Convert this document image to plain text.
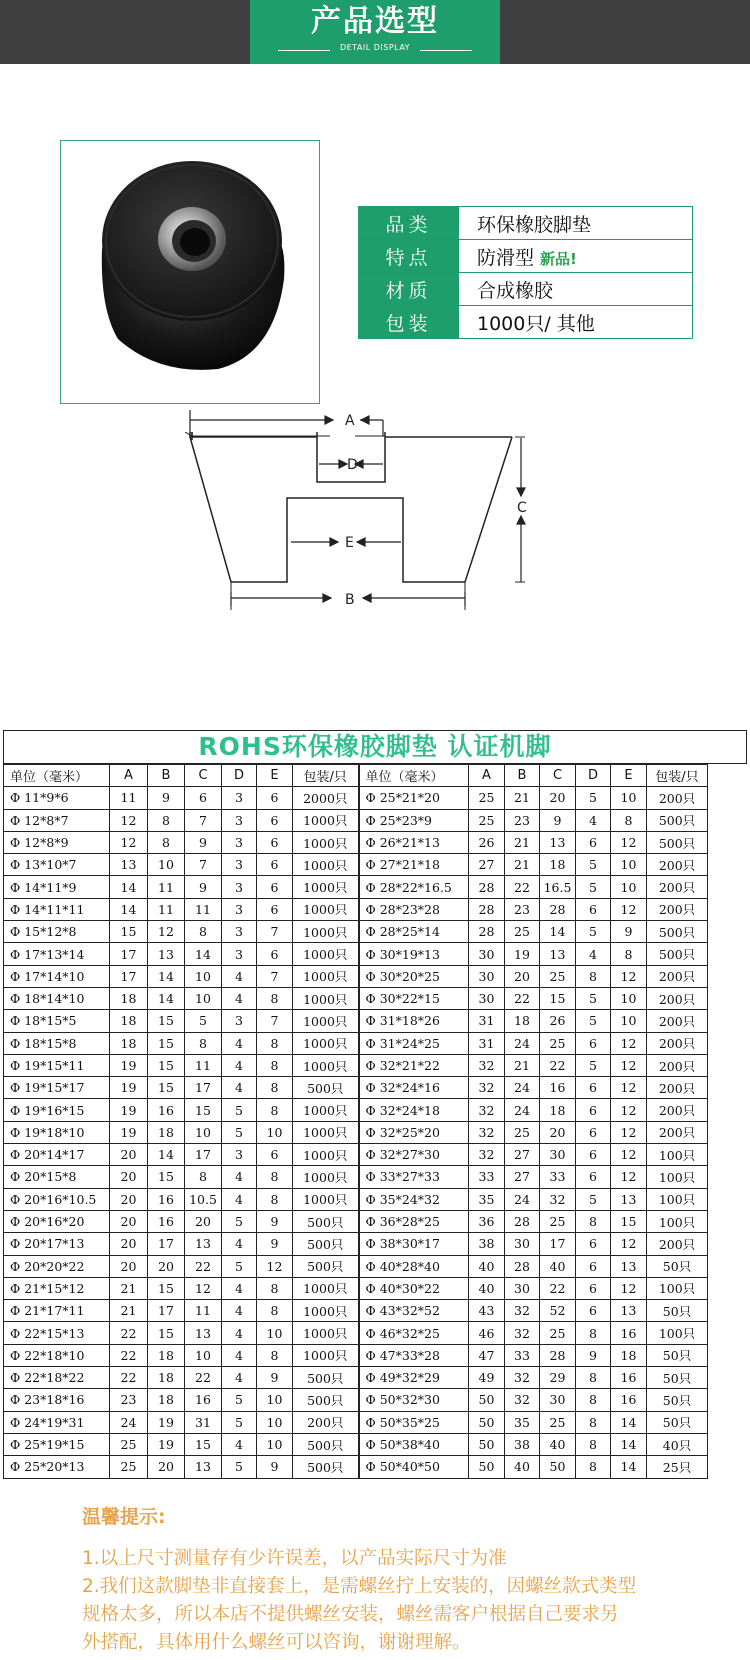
产品选型
DETAIL DISPLAY
品类	环保橡胶脚垫
特点	防滑型 新品!
材质	合成橡胶
包装	1000只/ 其他
A
D
C
E
B
ROHS环保橡胶脚垫 认证机脚
单位（毫米）	A	B	C	D	E	包装/只	单位（毫米）	A	B	C	D	E	包装/只
Φ 11*9*6	11	9	6	3	6	2000只	Φ 25*21*20	25	21	20	5	10	200只
Φ 12*8*7	12	8	7	3	6	1000只	Φ 25*23*9	25	23	9	4	8	500只
Φ 12*8*9	12	8	9	3	6	1000只	Φ 26*21*13	26	21	13	6	12	500只
Φ 13*10*7	13	10	7	3	6	1000只	Φ 27*21*18	27	21	18	5	10	200只
Φ 14*11*9	14	11	9	3	6	1000只	Φ 28*22*16.5	28	22	16.5	5	10	200只
Φ 14*11*11	14	11	11	3	6	1000只	Φ 28*23*28	28	23	28	6	12	200只
Φ 15*12*8	15	12	8	3	7	1000只	Φ 28*25*14	28	25	14	5	9	500只
Φ 17*13*14	17	13	14	3	6	1000只	Φ 30*19*13	30	19	13	4	8	500只
Φ 17*14*10	17	14	10	4	7	1000只	Φ 30*20*25	30	20	25	8	12	200只
Φ 18*14*10	18	14	10	4	8	1000只	Φ 30*22*15	30	22	15	5	10	200只
Φ 18*15*5	18	15	5	3	7	1000只	Φ 31*18*26	31	18	26	5	10	200只
Φ 18*15*8	18	15	8	4	8	1000只	Φ 31*24*25	31	24	25	6	12	200只
Φ 19*15*11	19	15	11	4	8	1000只	Φ 32*21*22	32	21	22	5	12	200只
Φ 19*15*17	19	15	17	4	8	500只	Φ 32*24*16	32	24	16	6	12	200只
Φ 19*16*15	19	16	15	5	8	1000只	Φ 32*24*18	32	24	18	6	12	200只
Φ 19*18*10	19	18	10	5	10	1000只	Φ 32*25*20	32	25	20	6	12	200只
Φ 20*14*17	20	14	17	3	6	1000只	Φ 32*27*30	32	27	30	6	12	100只
Φ 20*15*8	20	15	8	4	8	1000只	Φ 33*27*33	33	27	33	6	12	100只
Φ 20*16*10.5	20	16	10.5	4	8	1000只	Φ 35*24*32	35	24	32	5	13	100只
Φ 20*16*20	20	16	20	5	9	500只	Φ 36*28*25	36	28	25	8	15	100只
Φ 20*17*13	20	17	13	4	9	500只	Φ 38*30*17	38	30	17	6	12	200只
Φ 20*20*22	20	20	22	5	12	500只	Φ 40*28*40	40	28	40	6	13	50只
Φ 21*15*12	21	15	12	4	8	1000只	Φ 40*30*22	40	30	22	6	12	100只
Φ 21*17*11	21	17	11	4	8	1000只	Φ 43*32*52	43	32	52	6	13	50只
Φ 22*15*13	22	15	13	4	10	1000只	Φ 46*32*25	46	32	25	8	16	100只
Φ 22*18*10	22	18	10	4	8	1000只	Φ 47*33*28	47	33	28	9	18	50只
Φ 22*18*22	22	18	22	4	9	500只	Φ 49*32*29	49	32	29	8	16	50只
Φ 23*18*16	23	18	16	5	10	500只	Φ 50*32*30	50	32	30	8	16	50只
Φ 24*19*31	24	19	31	5	10	200只	Φ 50*35*25	50	35	25	8	14	50只
Φ 25*19*15	25	19	15	4	10	500只	Φ 50*38*40	50	38	40	8	14	40只
Φ 25*20*13	25	20	13	5	9	500只	Φ 50*40*50	50	40	50	8	14	25只
温馨提示:

1.以上尺寸测量存有少许误差，以产品实际尺寸为准

2.我们这款脚垫非直接套上，是需螺丝拧上安装的，因螺丝款式类型

规格太多，所以本店不提供螺丝安装，螺丝需客户根据自己要求另

外搭配，具体用什么螺丝可以咨询，谢谢理解。
